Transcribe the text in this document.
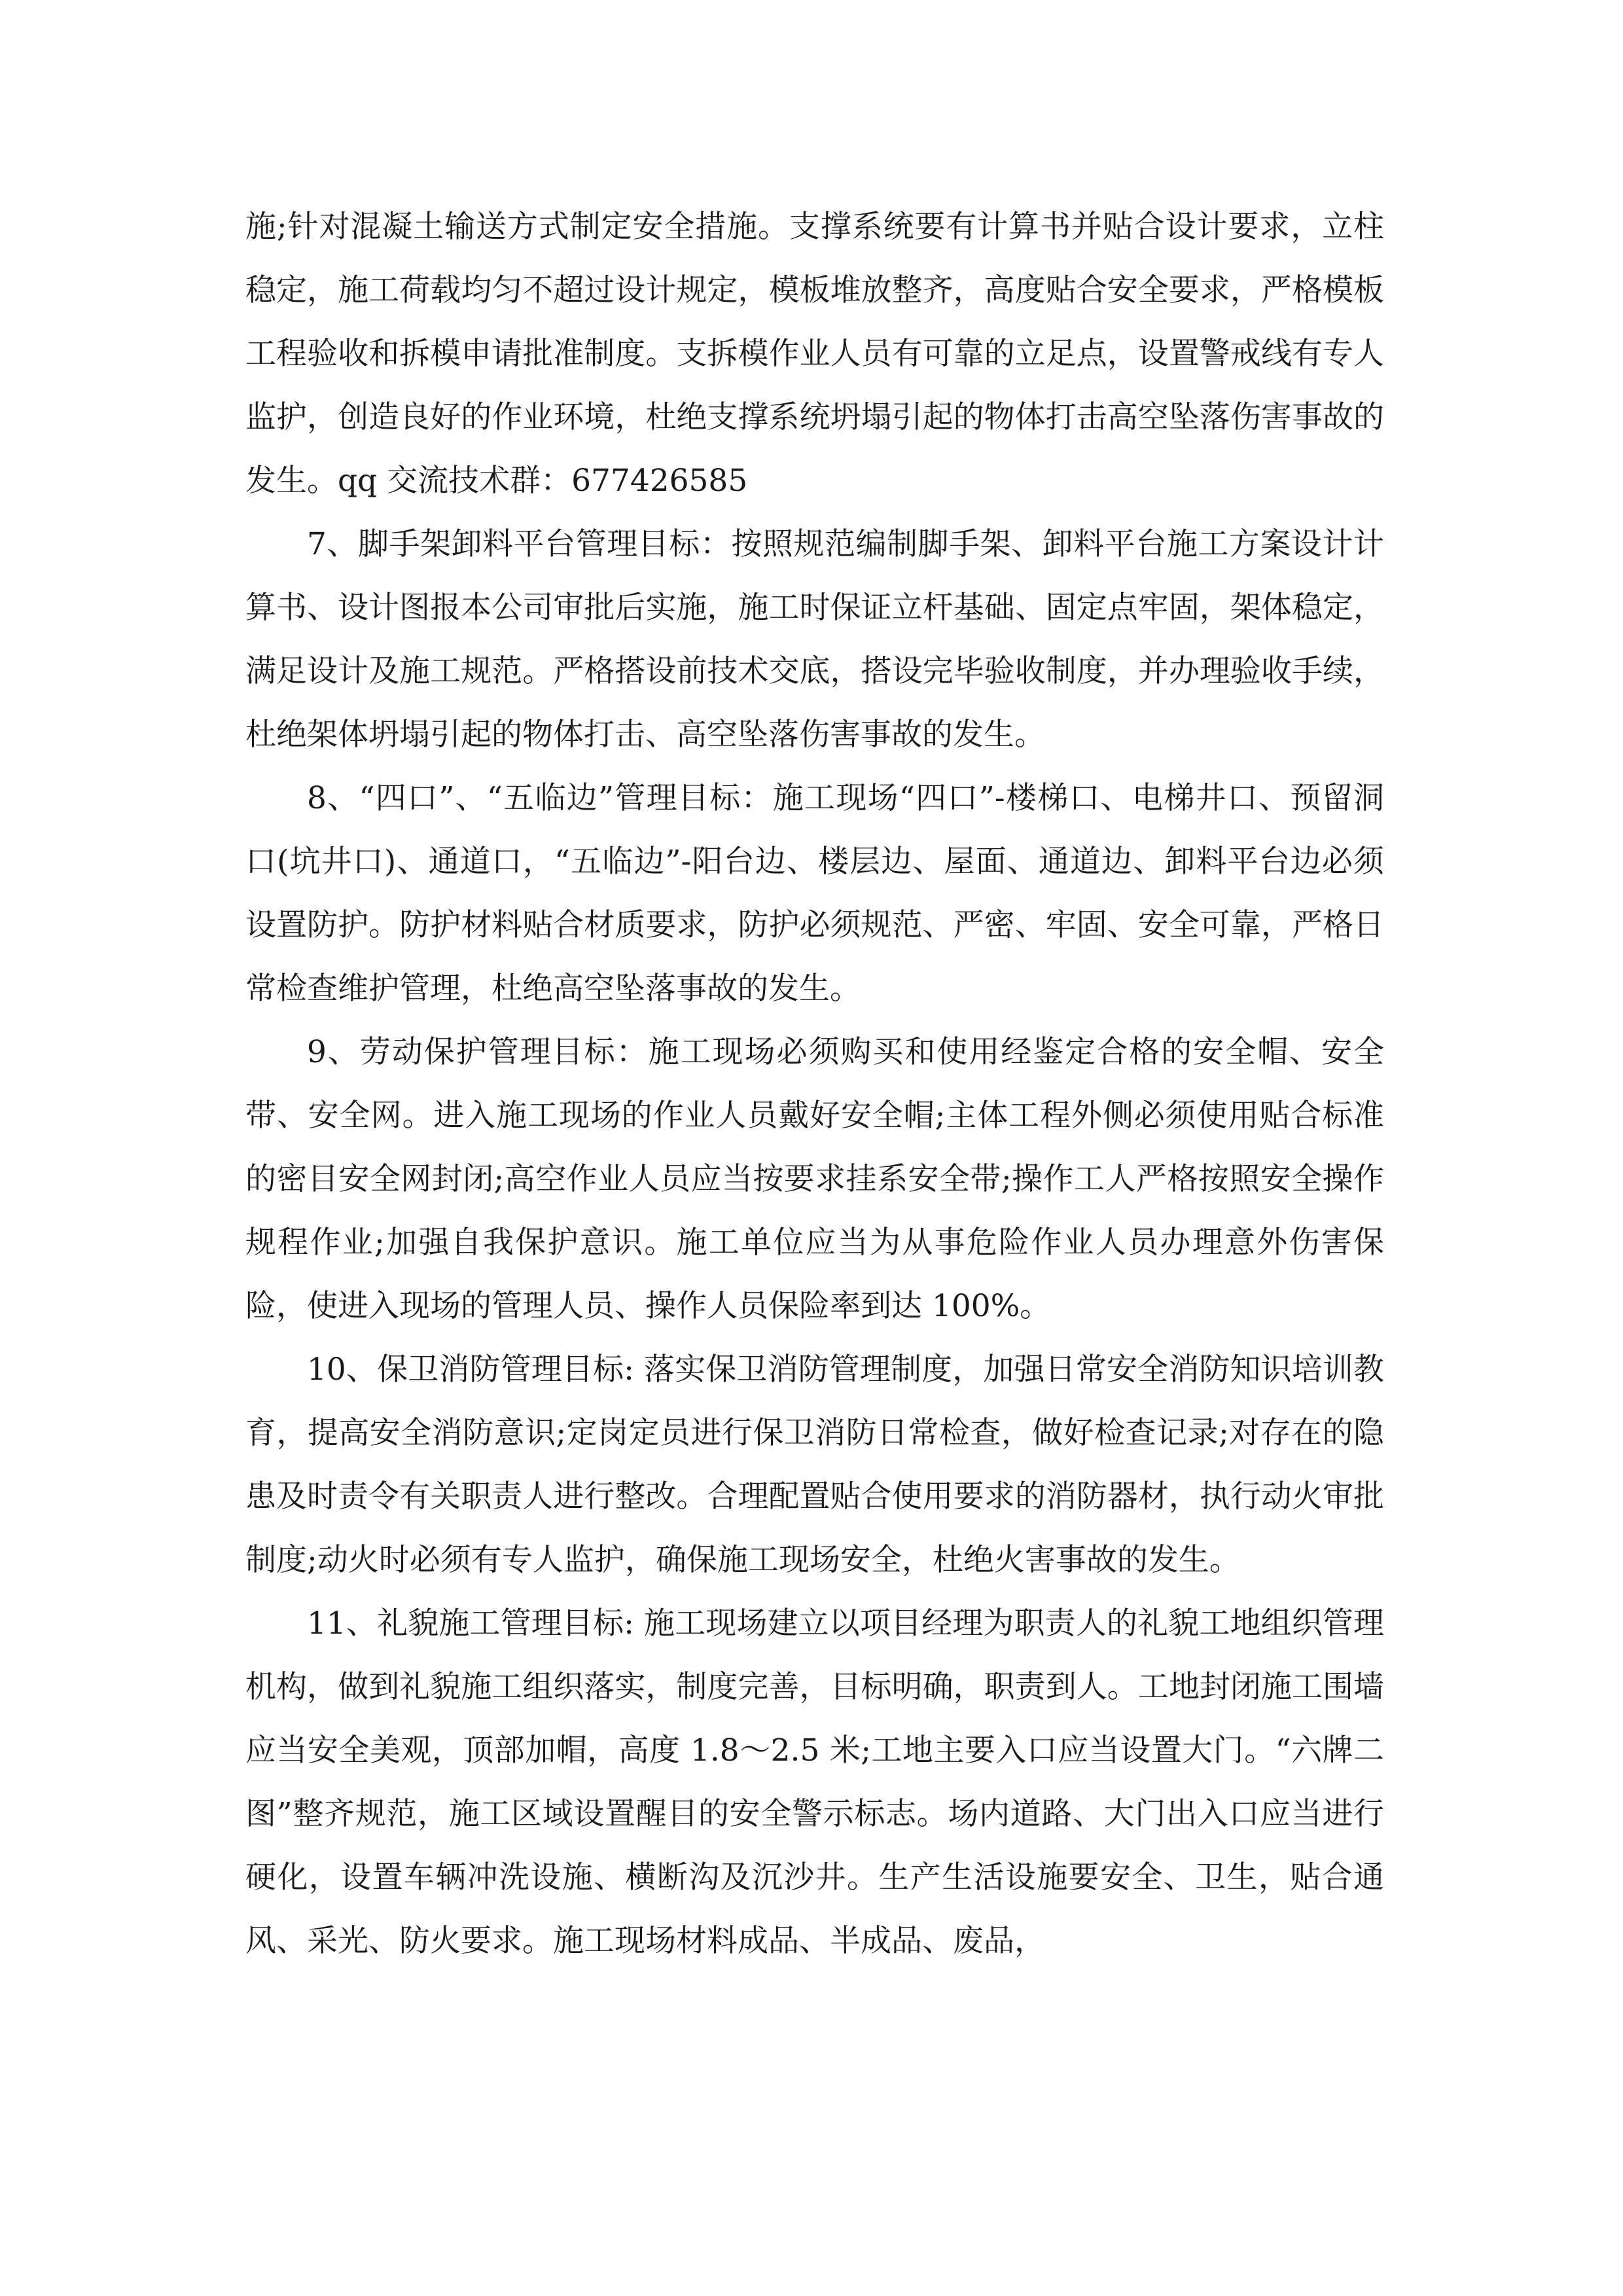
施;针对混凝土输送方式制定安全措施。支撑系统要有计算书并贴合设计要求，立柱稳定，施工荷载均匀不超过设计规定，模板堆放整齐，高度贴合安全要求，严格模板工程验收和拆模申请批准制度。支拆模作业人员有可靠的立足点，设置警戒线有专人监护，创造良好的作业环境，杜绝支撑系统坍塌引起的物体打击高空坠落伤害事故的发生。qq 交流技术群：677426585

7、脚手架卸料平台管理目标：按照规范编制脚手架、卸料平台施工方案设计计算书、设计图报本公司审批后实施，施工时保证立杆基础、固定点牢固，架体稳定，满足设计及施工规范。严格搭设前技术交底，搭设完毕验收制度，并办理验收手续，杜绝架体坍塌引起的物体打击、高空坠落伤害事故的发生。

8、“四口”、“五临边”管理目标：施工现场“四口”-楼梯口、电梯井口、预留洞口(坑井口)、通道口，“五临边”-阳台边、楼层边、屋面、通道边、卸料平台边必须设置防护。防护材料贴合材质要求，防护必须规范、严密、牢固、安全可靠，严格日常检查维护管理，杜绝高空坠落事故的发生。

9、劳动保护管理目标：施工现场必须购买和使用经鉴定合格的安全帽、安全带、安全网。进入施工现场的作业人员戴好安全帽;主体工程外侧必须使用贴合标准的密目安全网封闭;高空作业人员应当按要求挂系安全带;操作工人严格按照安全操作规程作业;加强自我保护意识。施工单位应当为从事危险作业人员办理意外伤害保险，使进入现场的管理人员、操作人员保险率到达 100%。

10、保卫消防管理目标: 落实保卫消防管理制度，加强日常安全消防知识培训教育，提高安全消防意识;定岗定员进行保卫消防日常检查，做好检查记录;对存在的隐患及时责令有关职责人进行整改。合理配置贴合使用要求的消防器材，执行动火审批制度;动火时必须有专人监护，确保施工现场安全，杜绝火害事故的发生。

11、礼貌施工管理目标: 施工现场建立以项目经理为职责人的礼貌工地组织管理机构，做到礼貌施工组织落实，制度完善，目标明确，职责到人。工地封闭施工围墙应当安全美观，顶部加帽，高度 1.8～2.5 米;工地主要入口应当设置大门。“六牌二图”整齐规范，施工区域设置醒目的安全警示标志。场内道路、大门出入口应当进行硬化，设置车辆冲洗设施、横断沟及沉沙井。生产生活设施要安全、卫生，贴合通风、采光、防火要求。施工现场材料成品、半成品、废品，
